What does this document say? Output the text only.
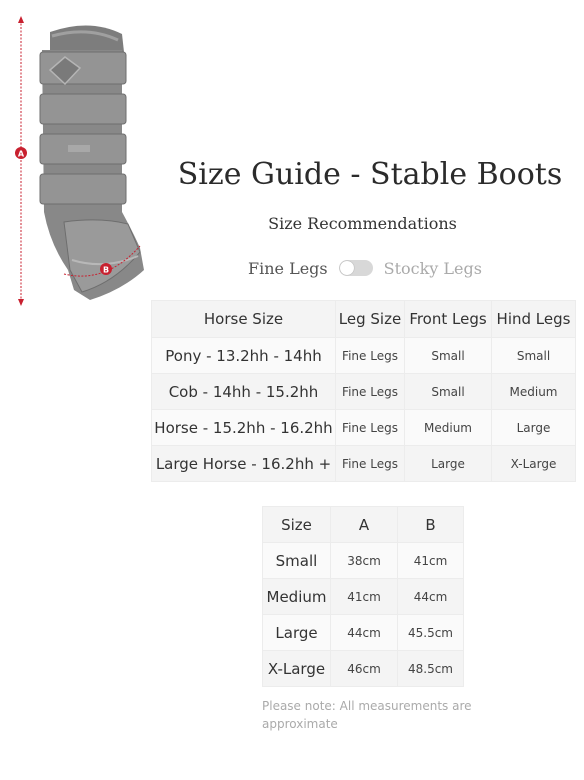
A
B
Size Guide - Stable Boots
Size Recommendations
Fine Legs	Stocky Legs
Horse Size	Leg Size	Front Legs	Hind Legs
Pony - 13.2hh - 14hh	Fine Legs	Small	Small
Cob - 14hh - 15.2hh	Fine Legs	Small	Medium
Horse - 15.2hh - 16.2hh	Fine Legs	Medium	Large
Large Horse - 16.2hh +	Fine Legs	Large	X-Large
Size	A	B
Small	38cm	41cm
Medium	41cm	44cm
Large	44cm	45.5cm
X-Large	46cm	48.5cm
Please note: All measurements are approximate
